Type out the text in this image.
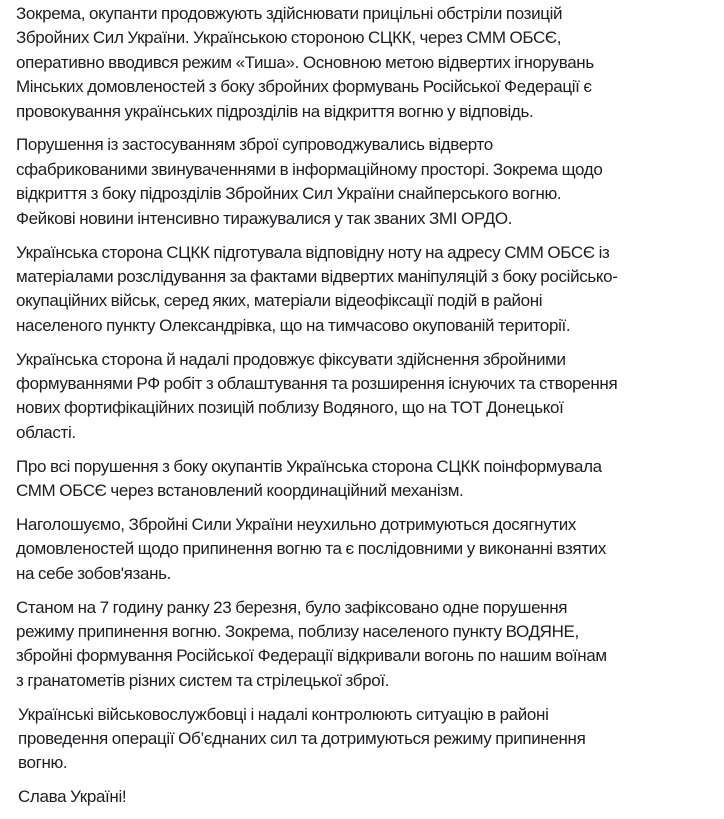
Зокрема, окупанти продовжують здійснювати прицільні обстріли позицій
Збройних Сил України. Українською стороною СЦКК, через СММ ОБСЄ,
оперативно вводився режим «Тиша». Основною метою відвертих ігнорувань
Мінських домовленостей з боку збройних формувань Російської Федерації є
провокування українських підрозділів на відкриття вогню у відповідь.

Порушення із застосуванням зброї супроводжувались відверто
сфабрикованими звинуваченнями в інформаційному просторі. Зокрема щодо
відкриття з боку підрозділів Збройних Сил України снайперського вогню.
Фейкові новини інтенсивно тиражувалися у так званих ЗМІ ОРДО.

Українська сторона СЦКК підготувала відповідну ноту на адресу СММ ОБСЄ із
матеріалами розслідування за фактами відвертих маніпуляцій з боку російсько-
окупаційних військ, серед яких, матеріали відеофіксації подій в районі
населеного пункту Олександрівка, що на тимчасово окупованій території.

Українська сторона й надалі продовжує фіксувати здійснення збройними
формуваннями РФ робіт з облаштування та розширення існуючих та створення
нових фортифікаційних позицій поблизу Водяного, що на ТОТ Донецької
області.

Про всі порушення з боку окупантів Українська сторона СЦКК поінформувала
СММ ОБСЄ через встановлений координаційний механізм.

Наголошуємо, Збройні Сили України неухильно дотримуються досягнутих
домовленостей щодо припинення вогню та є послідовними у виконанні взятих
на себе зобов'язань.

Станом на 7 годину ранку 23 березня, було зафіксовано одне порушення
режиму припинення вогню. Зокрема, поблизу населеного пункту ВОДЯНЕ,
збройні формування Російської Федерації відкривали вогонь по нашим воїнам
з гранатометів різних систем та стрілецької зброї.

Українські військовослужбовці і надалі контролюють ситуацію в районі
проведення операції Об’єднаних сил та дотримуються режиму припинення
вогню.

Слава Україні!
